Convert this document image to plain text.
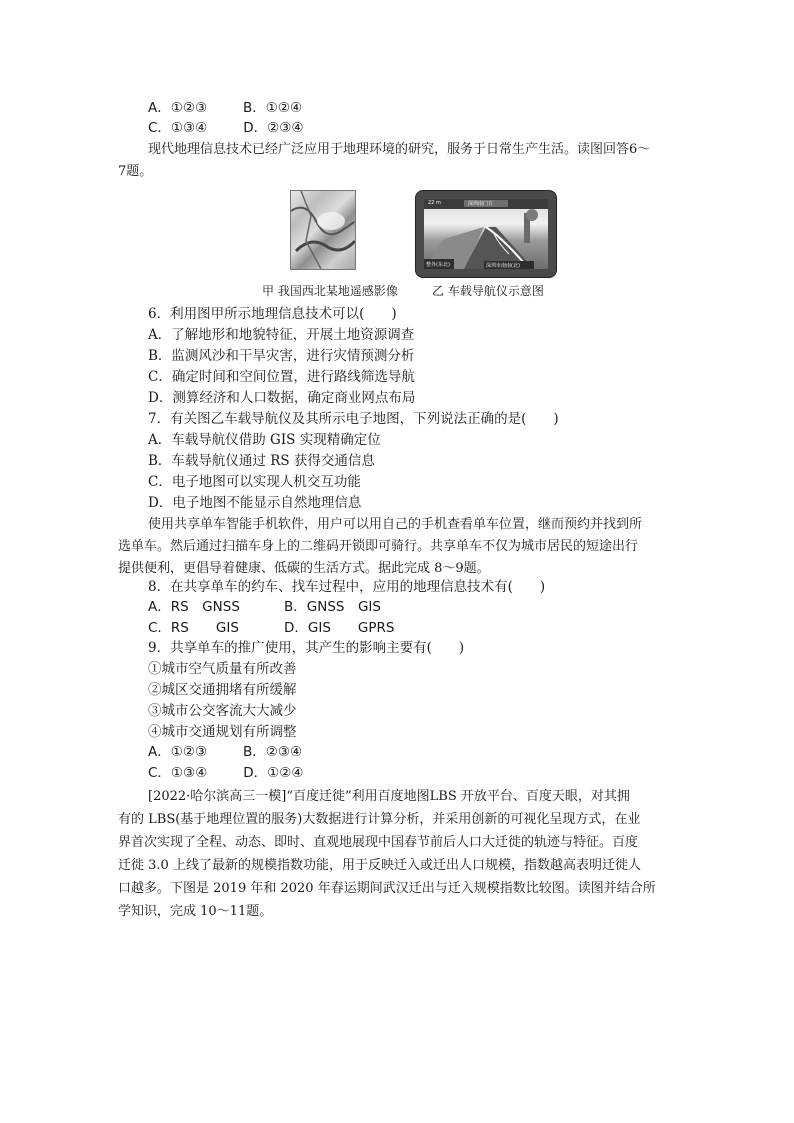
A．①②③	B．①②④
C．①③④	D．②③④
现代地理信息技术已经广泛应用于地理环境的研究，服务于日常生产生活。读图回答6～
7题。
22 m	深圳南门方
整外(东北)	深圳市南南(北)
甲 我国西北某地遥感影像	乙 车载导航仪示意图
6．利用图甲所示地理信息技术可以(　　)
A．了解地形和地貌特征，开展土地资源调查
B．监测风沙和干旱灾害，进行灾情预测分析
C．确定时间和空间位置，进行路线筛选导航
D．测算经济和人口数据，确定商业网点布局
7．有关图乙车载导航仪及其所示电子地图，下列说法正确的是(　　)
A．车载导航仪借助 GIS 实现精确定位
B．车载导航仪通过 RS 获得交通信息
C．电子地图可以实现人机交互功能
D．电子地图不能显示自然地理信息
使用共享单车智能手机软件，用户可以用自己的手机查看单车位置，继而预约并找到所
选单车。然后通过扫描车身上的二维码开锁即可骑行。共享单车不仅为城市居民的短途出行
提供便利，更倡导着健康、低碳的生活方式。据此完成 8～9题。
8．在共享单车的约车、找车过程中，应用的地理信息技术有(　　)
A．RS　GNSS	B．GNSS　GIS
C．RS　　GIS	D．GIS　　GPRS
9．共享单车的推广使用，其产生的影响主要有(　　)
①城市空气质量有所改善
②城区交通拥堵有所缓解
③城市公交客流大大减少
④城市交通规划有所调整
A．①②③	B．②③④
C．①③④	D．①②④
[2022·哈尔滨高三一模]“百度迁徙”利用百度地图LBS 开放平台、百度天眼，对其拥
有的 LBS(基于地理位置的服务)大数据进行计算分析，并采用创新的可视化呈现方式，在业
界首次实现了全程、动态、即时、直观地展现中国春节前后人口大迁徙的轨迹与特征。百度
迁徙 3.0 上线了最新的规模指数功能，用于反映迁入或迁出人口规模，指数越高表明迁徙人
口越多。下图是 2019 年和 2020 年春运期间武汉迁出与迁入规模指数比较图。读图并结合所
学知识，完成 10～11题。
